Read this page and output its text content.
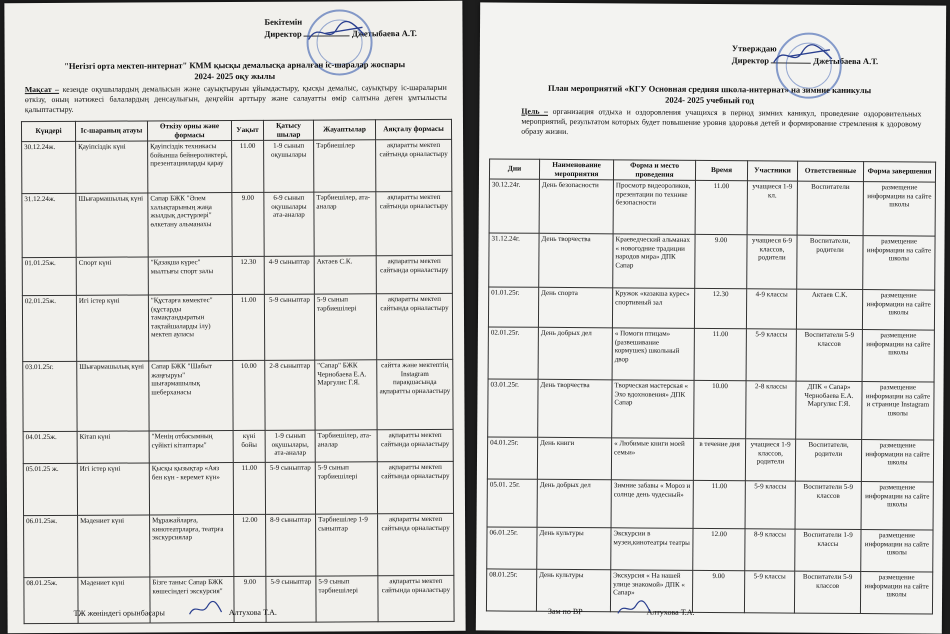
Бекітемін
Директор	Джетыбаева А.Т.
"Негізгі орта мектеп-интернат" КММ қысқы демалысқа арналған іс-шаралар жоспары
2024- 2025 оқу жылы
Мақсат – кезеңде оқушылардың демалысын және сауықтыруын ұйымдастыру, қысқы демалыс, сауықтыру іс-шараларын өткізу, оның нәтижесі балалардың денсаулығын, деңгейін арттыру және салауатты өмір салтына деген ұмтылысты қалыптастыру.
Күндері	Іс-шараның атауы	Өткізу орны және формасы	Уақыт	Қатысу шылар	Жауаптылар	Аяқталу формасы
30.12.24ж.	Қауіпсіздік күні	Қауіпсіздік техникасы бойынша бейнероликтері, презентацияларды қарау	11.00	1-9 сынып оқушылары	Тәрбиешілер	ақпаратты мектеп сайтында орналастыру
31.12.24ж.	Шығармашылық күні	Сапар БЖК "Әлем халықтарының жаңа жылдық дәстүрлері" өлкетану альманахы	9.00	6-9 сынып оқушылары ата-аналар	Тәрбиешілер, ата-аналар	ақпаратты мектеп сайтында орналастыру
01.01.25ж.	Спорт күні	"Қазақша күрес" мылтығы спорт залы	12.30	4-9 сыныптар	Актаев С.К.	ақпаратты мектеп сайтында орналастыру
02.01.25ж.	Игі істер күні	"Құстарға көмектес" (құстарды тамақтандыратын тақтайшаларды ілу) мектеп ауласы	11.00	5-9 сыныптар	5-9 сынып тәрбиешілері	ақпаратты мектеп сайтында орналастыру
03.01.25г.	Шығармашылық күні	Сапар БЖК "Шабыт жаңғыруы" шығармашылық шеберханасы	10.00	2-8 сыныптар	"Сапар" БЖК Чернобаева Е.А. Маргулис Г.Я.	сайтта және мектептің Instagram парақшасында ақпаратты орналастыру
04.01.25ж.	Кітап күні	"Менің отбасымның сүйікті кітаптары"	күні бойы	1-9 сынып оқушылары, ата-аналар	Тәрбиешілер, ата-аналар	ақпаратты мектеп сайтында орналастыру
05.01.25 ж.	Игі істер күні	Қысқы қызықтар «Аяз бен күн - керемет күн»	11.00	5-9 сыныптар	5-9 сынып тәрбиешілері	ақпаратты мектеп сайтында орналастыру
06.01.25ж.	Мәдениет күні	Мұражайларға, кинотеатрларға, театрға экскурсиялар	12.00	8-9 сыныптар	Тәрбиешілер 1-9 сыныптар	ақпаратты мектеп сайтында орналастыру
08.01.25ж.	Мәдениет күні	Бізге таныс Сапар БЖК көшесіндегі экскурсия"	9.00	5-9 сыныптар	5-9 сынып тәрбиешілері	ақпаратты мектеп сайтында орналастыру
ТЖ жөніндегі орынбасары	Алтухова Т.А.
Утверждаю
Директор	Джетыбаева А.Т.
План мероприятий «КГУ Основная средняя школа-интернат» на зимние каникулы
2024- 2025 учебный год
Цель – организация отдыха и оздоровления учащихся в период зимних каникул, проведение оздоровительных мероприятий, результатом которых будет повышение уровня здоровья детей и формирование стремления к здоровому образу жизни.
Дни	Наименование мероприятия	Форма и место проведения	Время	Участники	Ответственные	Форма завершения
30.12.24г.	День безопасности	Просмотр видеороликов, презентации по технике безопасности	11.00	учащиеся 1-9 кл.	Воспитатели	размещение информации на сайте школы
31.12.24г.	День творчества	Краеведческий альманах « новогодние традиции народов мира» ДПК Сапар	9.00	учащиеся 6-9 классов, родители	Воспитатели, родители	размещение информации на сайте школы
01.01.25г.	День спорта	Кружок «казакша курес» спортивный зал	12.30	4-9 классы	Актаев С.К.	размещение информации на сайте школы
02.01.25г.	День добрых дел	« Помоги птицам» (развешивание кормушек) школьный двор	11.00	5-9 классы	Воспитатели 5-9 классов	размещение информации на сайте школы
03.01.25г.	День творчества	Творческая мастерская « Эхо вдохновения» ДПК Сапар	10.00	2-8 классы	ДПК « Сапар» Чернобаева Е.А. Маргулис Г.Я.	размещение информации на сайте и странице Instagram школы
04.01.25г.	День книги	« Любимые книги моей семьи»	в течение дня	учащиеся 1-9 классов, родители	Воспитатели, родители	размещение информации на сайте школы
05.01. 25г.	День добрых дел	Зимние забавы « Мороз и солнце день чудесный»	11.00	5-9 классы	Воспитатели 5-9 классов	размещение информации на сайте школы
06.01.25г.	День культуры	Экскурсии в музеи,кинотеатры театры	12.00	8-9 классы	Воспитатели 1-9 классы	размещение информации на сайте школы
08.01.25г.	День культуры	Экскурсия « На нашей улице знакомой» ДПК « Сапар»	9.00	5-9 классы	Воспитатели 5-9 классов	размещение информации на сайте школы
Зам по ВР	Алтухова Т.А.
